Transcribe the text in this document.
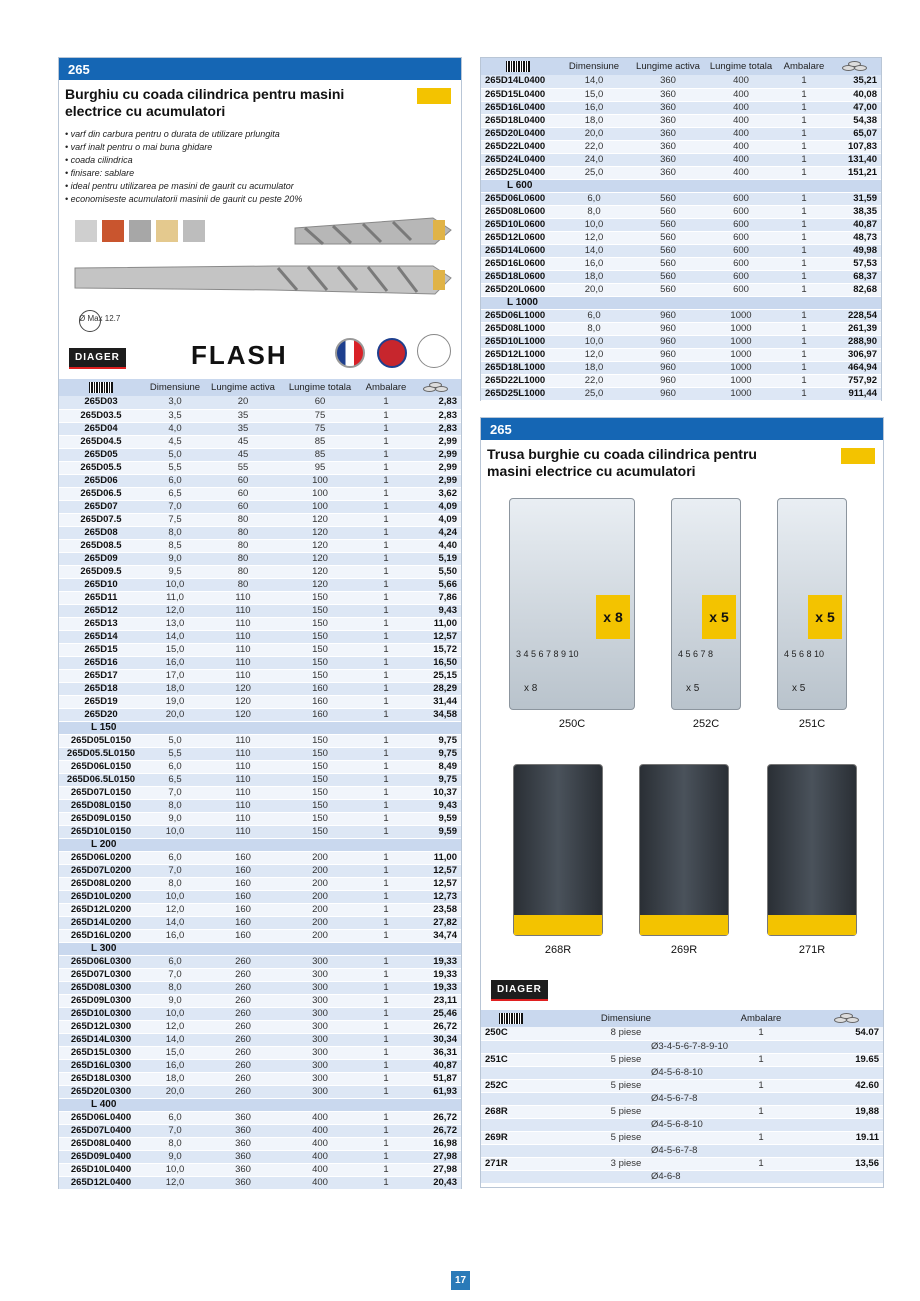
265
Burghiu cu coada cilindrica pentru masini electrice cu acumulatori
• varf din carbura pentru o durata de utilizare prlungita
• varf inalt pentru o mai buna ghidare
• coada cilindrica
• finisare: sablare
• ideal pentru utilizarea pe masini de gaurit cu acumulator
• economiseste acumulatorii masinii de gaurit cu peste 20%
Ø Max 12.7
DIAGER	FLASH
	Dimensiune	Lungime activa	Lungime totala	Ambalare	

265D03	3,0	20	60	1	2,83
265D03.5	3,5	35	75	1	2,83
265D04	4,0	35	75	1	2,83
265D04.5	4,5	45	85	1	2,99
265D05	5,0	45	85	1	2,99
265D05.5	5,5	55	95	1	2,99
265D06	6,0	60	100	1	2,99
265D06.5	6,5	60	100	1	3,62
265D07	7,0	60	100	1	4,09
265D07.5	7,5	80	120	1	4,09
265D08	8,0	80	120	1	4,24
265D08.5	8,5	80	120	1	4,40
265D09	9,0	80	120	1	5,19
265D09.5	9,5	80	120	1	5,50
265D10	10,0	80	120	1	5,66
265D11	11,0	110	150	1	7,86
265D12	12,0	110	150	1	9,43
265D13	13,0	110	150	1	11,00
265D14	14,0	110	150	1	12,57
265D15	15,0	110	150	1	15,72
265D16	16,0	110	150	1	16,50
265D17	17,0	110	150	1	25,15
265D18	18,0	120	160	1	28,29
265D19	19,0	120	160	1	31,44
265D20	20,0	120	160	1	34,58
L 150					
265D05L0150	5,0	110	150	1	9,75
265D05.5L0150	5,5	110	150	1	9,75
265D06L0150	6,0	110	150	1	8,49
265D06.5L0150	6,5	110	150	1	9,75
265D07L0150	7,0	110	150	1	10,37
265D08L0150	8,0	110	150	1	9,43
265D09L0150	9,0	110	150	1	9,59
265D10L0150	10,0	110	150	1	9,59
L 200					
265D06L0200	6,0	160	200	1	11,00
265D07L0200	7,0	160	200	1	12,57
265D08L0200	8,0	160	200	1	12,57
265D10L0200	10,0	160	200	1	12,73
265D12L0200	12,0	160	200	1	23,58
265D14L0200	14,0	160	200	1	27,82
265D16L0200	16,0	160	200	1	34,74
L 300					
265D06L0300	6,0	260	300	1	19,33
265D07L0300	7,0	260	300	1	19,33
265D08L0300	8,0	260	300	1	19,33
265D09L0300	9,0	260	300	1	23,11
265D10L0300	10,0	260	300	1	25,46
265D12L0300	12,0	260	300	1	26,72
265D14L0300	14,0	260	300	1	30,34
265D15L0300	15,0	260	300	1	36,31
265D16L0300	16,0	260	300	1	40,87
265D18L0300	18,0	260	300	1	51,87
265D20L0300	20,0	260	300	1	61,93
L 400					
265D06L0400	6,0	360	400	1	26,72
265D07L0400	7,0	360	400	1	26,72
265D08L0400	8,0	360	400	1	16,98
265D09L0400	9,0	360	400	1	27,98
265D10L0400	10,0	360	400	1	27,98
265D12L0400	12,0	360	400	1	20,43
	Dimensiune	Lungime activa	Lungime totala	Ambalare	

265D14L0400	14,0	360	400	1	35,21
265D15L0400	15,0	360	400	1	40,08
265D16L0400	16,0	360	400	1	47,00
265D18L0400	18,0	360	400	1	54,38
265D20L0400	20,0	360	400	1	65,07
265D22L0400	22,0	360	400	1	107,83
265D24L0400	24,0	360	400	1	131,40
265D25L0400	25,0	360	400	1	151,21
L 600					
265D06L0600	6,0	560	600	1	31,59
265D08L0600	8,0	560	600	1	38,35
265D10L0600	10,0	560	600	1	40,87
265D12L0600	12,0	560	600	1	48,73
265D14L0600	14,0	560	600	1	49,98
265D16L0600	16,0	560	600	1	57,53
265D18L0600	18,0	560	600	1	68,37
265D20L0600	20,0	560	600	1	82,68
L 1000					
265D06L1000	6,0	960	1000	1	228,54
265D08L1000	8,0	960	1000	1	261,39
265D10L1000	10,0	960	1000	1	288,90
265D12L1000	12,0	960	1000	1	306,97
265D18L1000	18,0	960	1000	1	464,94
265D22L1000	22,0	960	1000	1	757,92
265D25L1000	25,0	960	1000	1	911,44
265
Trusa burghie cu coada cilindrica pentru masini electrice cu acumulatori
x 8
3 4 5 6 7 8 9 10
x 8
250C
x 5
4 5 6 7 8
x 5
252C
x 5
4 5 6 8 10
x 5
251C
268R	269R	271R
DIAGER
	Dimensiune	Ambalare	

250C	8 piese	1	54.07
	Ø3-4-5-6-7-8-9-10		
251C	5 piese	1	19.65
	Ø4-5-6-8-10		
252C	5 piese	1	42.60
	Ø4-5-6-7-8		
268R	5 piese	1	19,88
	Ø4-5-6-8-10		
269R	5 piese	1	19.11
	Ø4-5-6-7-8		
271R	3 piese	1	13,56
	Ø4-6-8		
17
